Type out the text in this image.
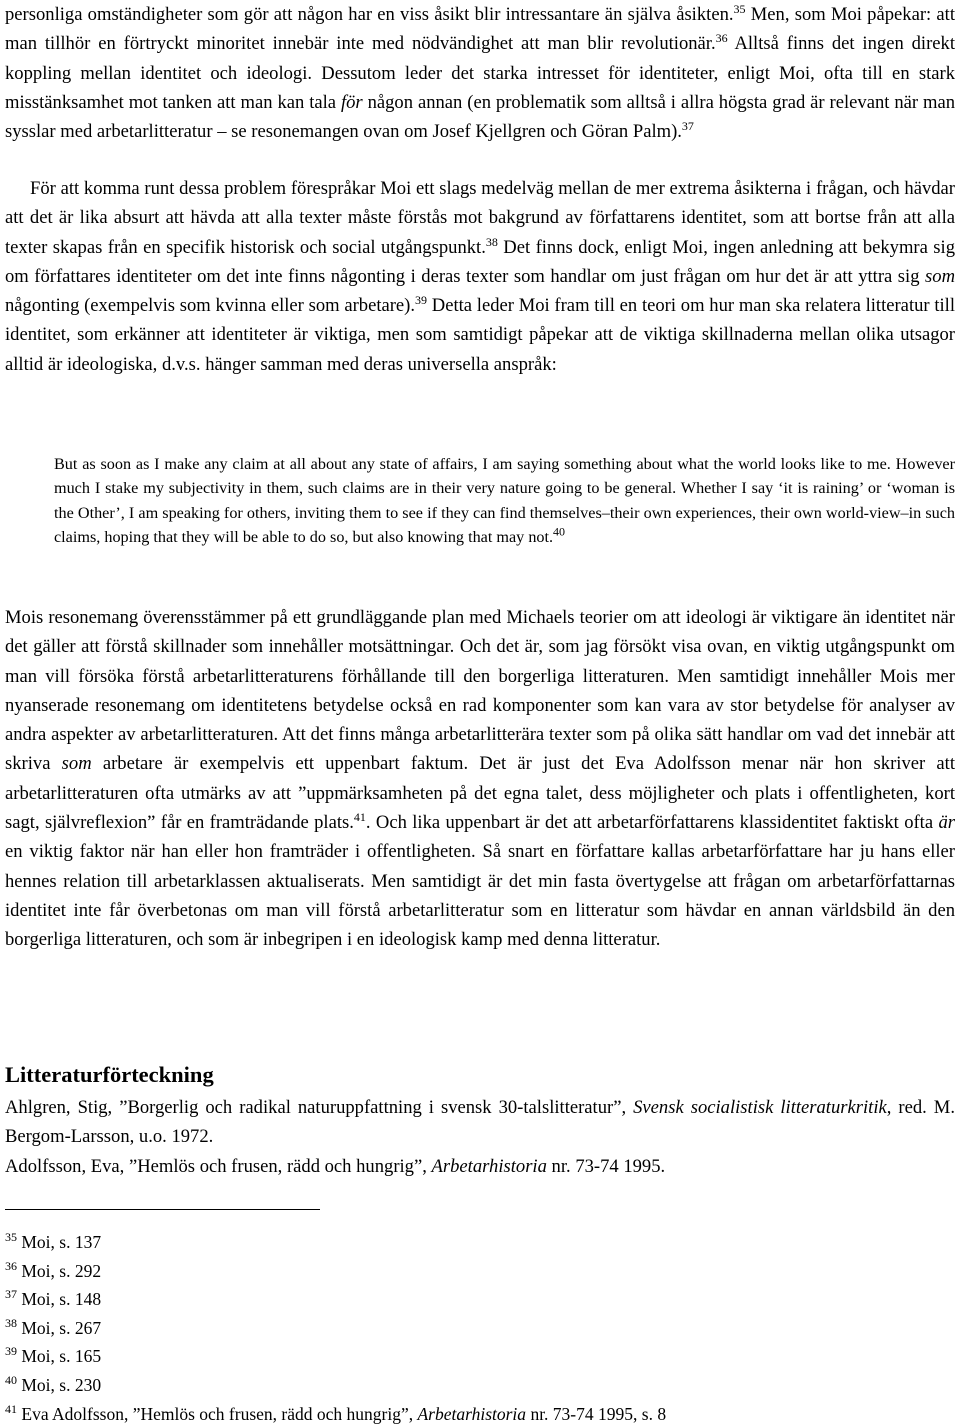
personliga omständigheter som gör att någon har en viss åsikt blir intressantare än själva åsikten.$^{35}$ Men, som Moi påpekar: att man tillhör en förtryckt minoritet innebär inte med nödvändighet att man blir revolutionär.$^{36}$ Alltså finns det ingen direkt koppling mellan identitet och ideologi. Dessutom leder det starka intresset för identiteter, enligt Moi, ofta till en stark misstänksamhet mot tanken att man kan tala för någon annan (en problematik som alltså i allra högsta grad är relevant när man sysslar med arbetarlitteratur – se resonemangen ovan om Josef Kjellgren och Göran Palm).$^{37}$

För att komma runt dessa problem förespråkar Moi ett slags medelväg mellan de mer extrema åsikterna i frågan, och hävdar att det är lika absurt att hävda att alla texter måste förstås mot bakgrund av författarens identitet, som att bortse från att alla texter skapas från en specifik historisk och social utgångspunkt.$^{38}$ Det finns dock, enligt Moi, ingen anledning att bekymra sig om författares identiteter om det inte finns någonting i deras texter som handlar om just frågan om hur det är att yttra sig som någonting (exempelvis som kvinna eller som arbetare).$^{39}$ Detta leder Moi fram till en teori om hur man ska relatera litteratur till identitet, som erkänner att identiteter är viktiga, men som samtidigt påpekar att de viktiga skillnaderna mellan olika utsagor alltid är ideologiska, d.v.s. hänger samman med deras universella anspråk:

But as soon as I make any claim at all about any state of affairs, I am saying something about what the world looks like to me. However much I stake my subjectivity in them, such claims are in their very nature going to be general. Whether I say ‘it is raining’ or ‘woman is the Other’, I am speaking for others, inviting them to see if they can find themselves–their own experiences, their own world-view–in such claims, hoping that they will be able to do so, but also knowing that may not.$^{40}$

Mois resonemang överensstämmer på ett grundläggande plan med Michaels teorier om att ideologi är viktigare än identitet när det gäller att förstå skillnader som innehåller motsättningar. Och det är, som jag försökt visa ovan, en viktig utgångspunkt om man vill försöka förstå arbetarlitteraturens förhållande till den borgerliga litteraturen. Men samtidigt innehåller Mois mer nyanserade resonemang om identitetens betydelse också en rad komponenter som kan vara av stor betydelse för analyser av andra aspekter av arbetarlitteraturen. Att det finns många arbetarlitterära texter som på olika sätt handlar om vad det innebär att skriva som arbetare är exempelvis ett uppenbart faktum. Det är just det Eva Adolfsson menar när hon skriver att arbetarlitteraturen ofta utmärks av att ”uppmärksamheten på det egna talet, dess möjligheter och plats i offentligheten, kort sagt, självreflexion” får en framträdande plats.$^{41}$. Och lika uppenbart är det att arbetarförfattarens klassidentitet faktiskt ofta är en viktig faktor när han eller hon framträder i offentligheten. Så snart en författare kallas arbetarförfattare har ju hans eller hennes relation till arbetarklassen aktualiserats. Men samtidigt är det min fasta övertygelse att frågan om arbetarförfattarnas identitet inte får överbetonas om man vill förstå arbetarlitteratur som en litteratur som hävdar en annan världsbild än den borgerliga litteraturen, och som är inbegripen i en ideologisk kamp med denna litteratur.

Litteraturförteckning

Ahlgren, Stig, ”Borgerlig och radikal naturuppfattning i svensk 30-talslitteratur”, Svensk socialistisk litteraturkritik, red. M. Bergom-Larsson, u.o. 1972.

Adolfsson, Eva, ”Hemlös och frusen, rädd och hungrig”, Arbetarhistoria nr. 73-74 1995.

$^{35}$ Moi, s. 137
$^{36}$ Moi, s. 292
$^{37}$ Moi, s. 148
$^{38}$ Moi, s. 267
$^{39}$ Moi, s. 165
$^{40}$ Moi, s. 230
$^{41}$ Eva Adolfsson, ”Hemlös och frusen, rädd och hungrig”, Arbetarhistoria nr. 73-74 1995, s. 8
